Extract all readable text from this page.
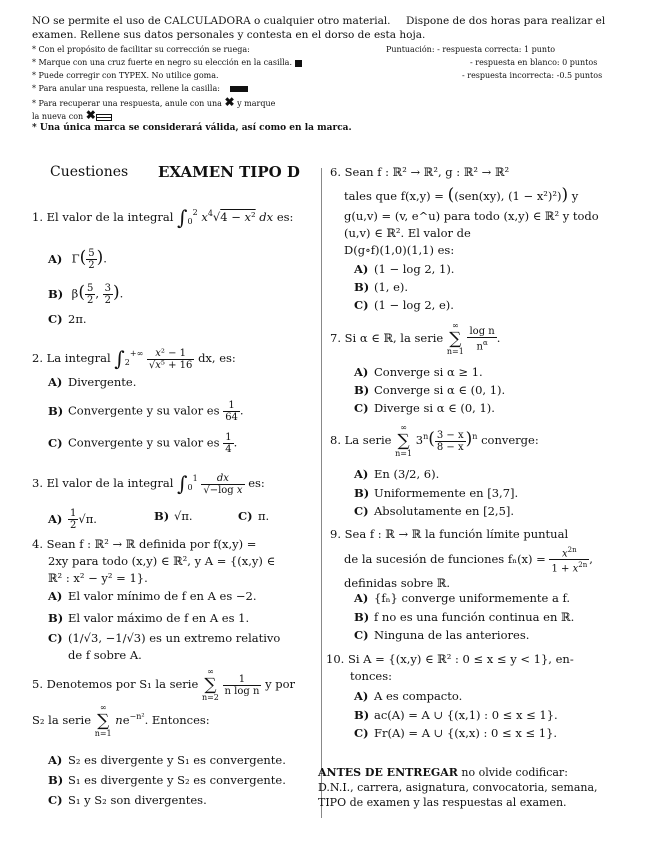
NO se permite el uso de CALCULADORA o cualquier otro material. Dispone de dos horas para realizar el
examen. Rellene sus datos personales y contesta en el dorso de esta hoja.
* Con el propósito de facilitar su corrección se ruega:	Puntuación: - respuesta correcta: 1 punto
* Marque con una cruz fuerte en negro su elección en la casilla.	- respuesta en blanco: 0 puntos
* Puede corregir con TYPEX. No utilice goma.	- respuesta incorrecta: -0.5 puntos
* Para anular una respuesta, rellene la casilla:
* Para recuperar una respuesta, anule con una ✖ y marque
la nueva con ✖
* Una única marca se considerará válida, así como en la marca.
Cuestiones EXAMEN TIPO D
1. El valor de la integral $\int_0^2$ $x^4√4 - x^2$ dx es:
A) $\Gamma( \frac{5}{2}$ ).
B) $\beta( \frac{5}{2}$ , $\frac{3}{2}$ ).
C) 2π.
2. La integral $\int_2^{+\infty} \frac{\text{x² − 1}}{\text{√x⁵ + 16}}$ dx, es:
A) Divergente.
B) Convergente y su valor es $\frac{1}{64}$ .
C) Convergente y su valor es $\frac{1}{4}$ .
3. El valor de la integral $\int_0^1 \frac{dx}{\text{√−log x}}$ es:
$A) \frac{1}{2} √\pi$.	B) √π.	C) π.
4. Sean f : ℝ² → ℝ definida por f(x,y) =
2xy para todo (x,y) ∈ ℝ², y A = {(x,y) ∈
ℝ² : x² − y² = 1}.
A) El valor mínimo de f en A es −2.
B) El valor máximo de f en A es 1.
C) (1/√3, −1/√3) es un extremo relativo
de f sobre A.
5. Denotemos por S₁ la serie ∞
∑
n=2
$\frac{1}{\text{n log n}}$ y por
S₂ la serie ∞
∑
n=1 $ne^{-n^2}$. Entonces:
A) S₂ es divergente y S₁ es convergente.
B) S₁ es divergente y S₂ es convergente.
C) S₁ y S₂ son divergentes.
6. Sean f : ℝ² → ℝ², g : ℝ² → ℝ²
tales que f(x,y) = ((sen(xy), (1 − x²)²)) y
g(u,v) = (v, e^u) para todo (x,y) ∈ ℝ² y todo
(u,v) ∈ ℝ². El valor de
D(g∘f)(1,0)(1,1) es:
A) (1 − log 2, 1).
B) (1, e).
C) (1 − log 2, e).
7. Si α ∈ ℝ, la serie ∞
∑
$n=1 \frac{\text{log n}}{n^\alpha}$ .
A) Converge si α ≥ 1.
B) Converge si α ∈ (0, 1).
C) Diverge si α ∈ (0, 1).
8. La serie ∞
∑
n=1 $3^n( \frac{3 - x}{8 - x} )^n$ converge:
A) En (3/2, 6).
B) Uniformemente en [3,7].
C) Absolutamente en [2,5].
9. Sea f : ℝ → ℝ la función límite puntual
de la sucesión de funciones $f_n(x) = \frac{x^{2n}}{1 + x^{2n}}$ ,
definidas sobre ℝ.
A) {fₙ} converge uniformemente a f.
B) f no es una función continua en ℝ.
C) Ninguna de las anteriores.
10. Si A = {(x,y) ∈ ℝ² : 0 ≤ x ≤ y < 1}, en-
tonces:
A) A es compacto.
B) ac(A) = A ∪ {(x,1) : 0 ≤ x ≤ 1}.
C) Fr(A) = A ∪ {(x,x) : 0 ≤ x ≤ 1}.
ANTES DE ENTREGAR no olvide codificar:
D.N.I., carrera, asignatura, convocatoria, semana,
TIPO de examen y las respuestas al examen.
